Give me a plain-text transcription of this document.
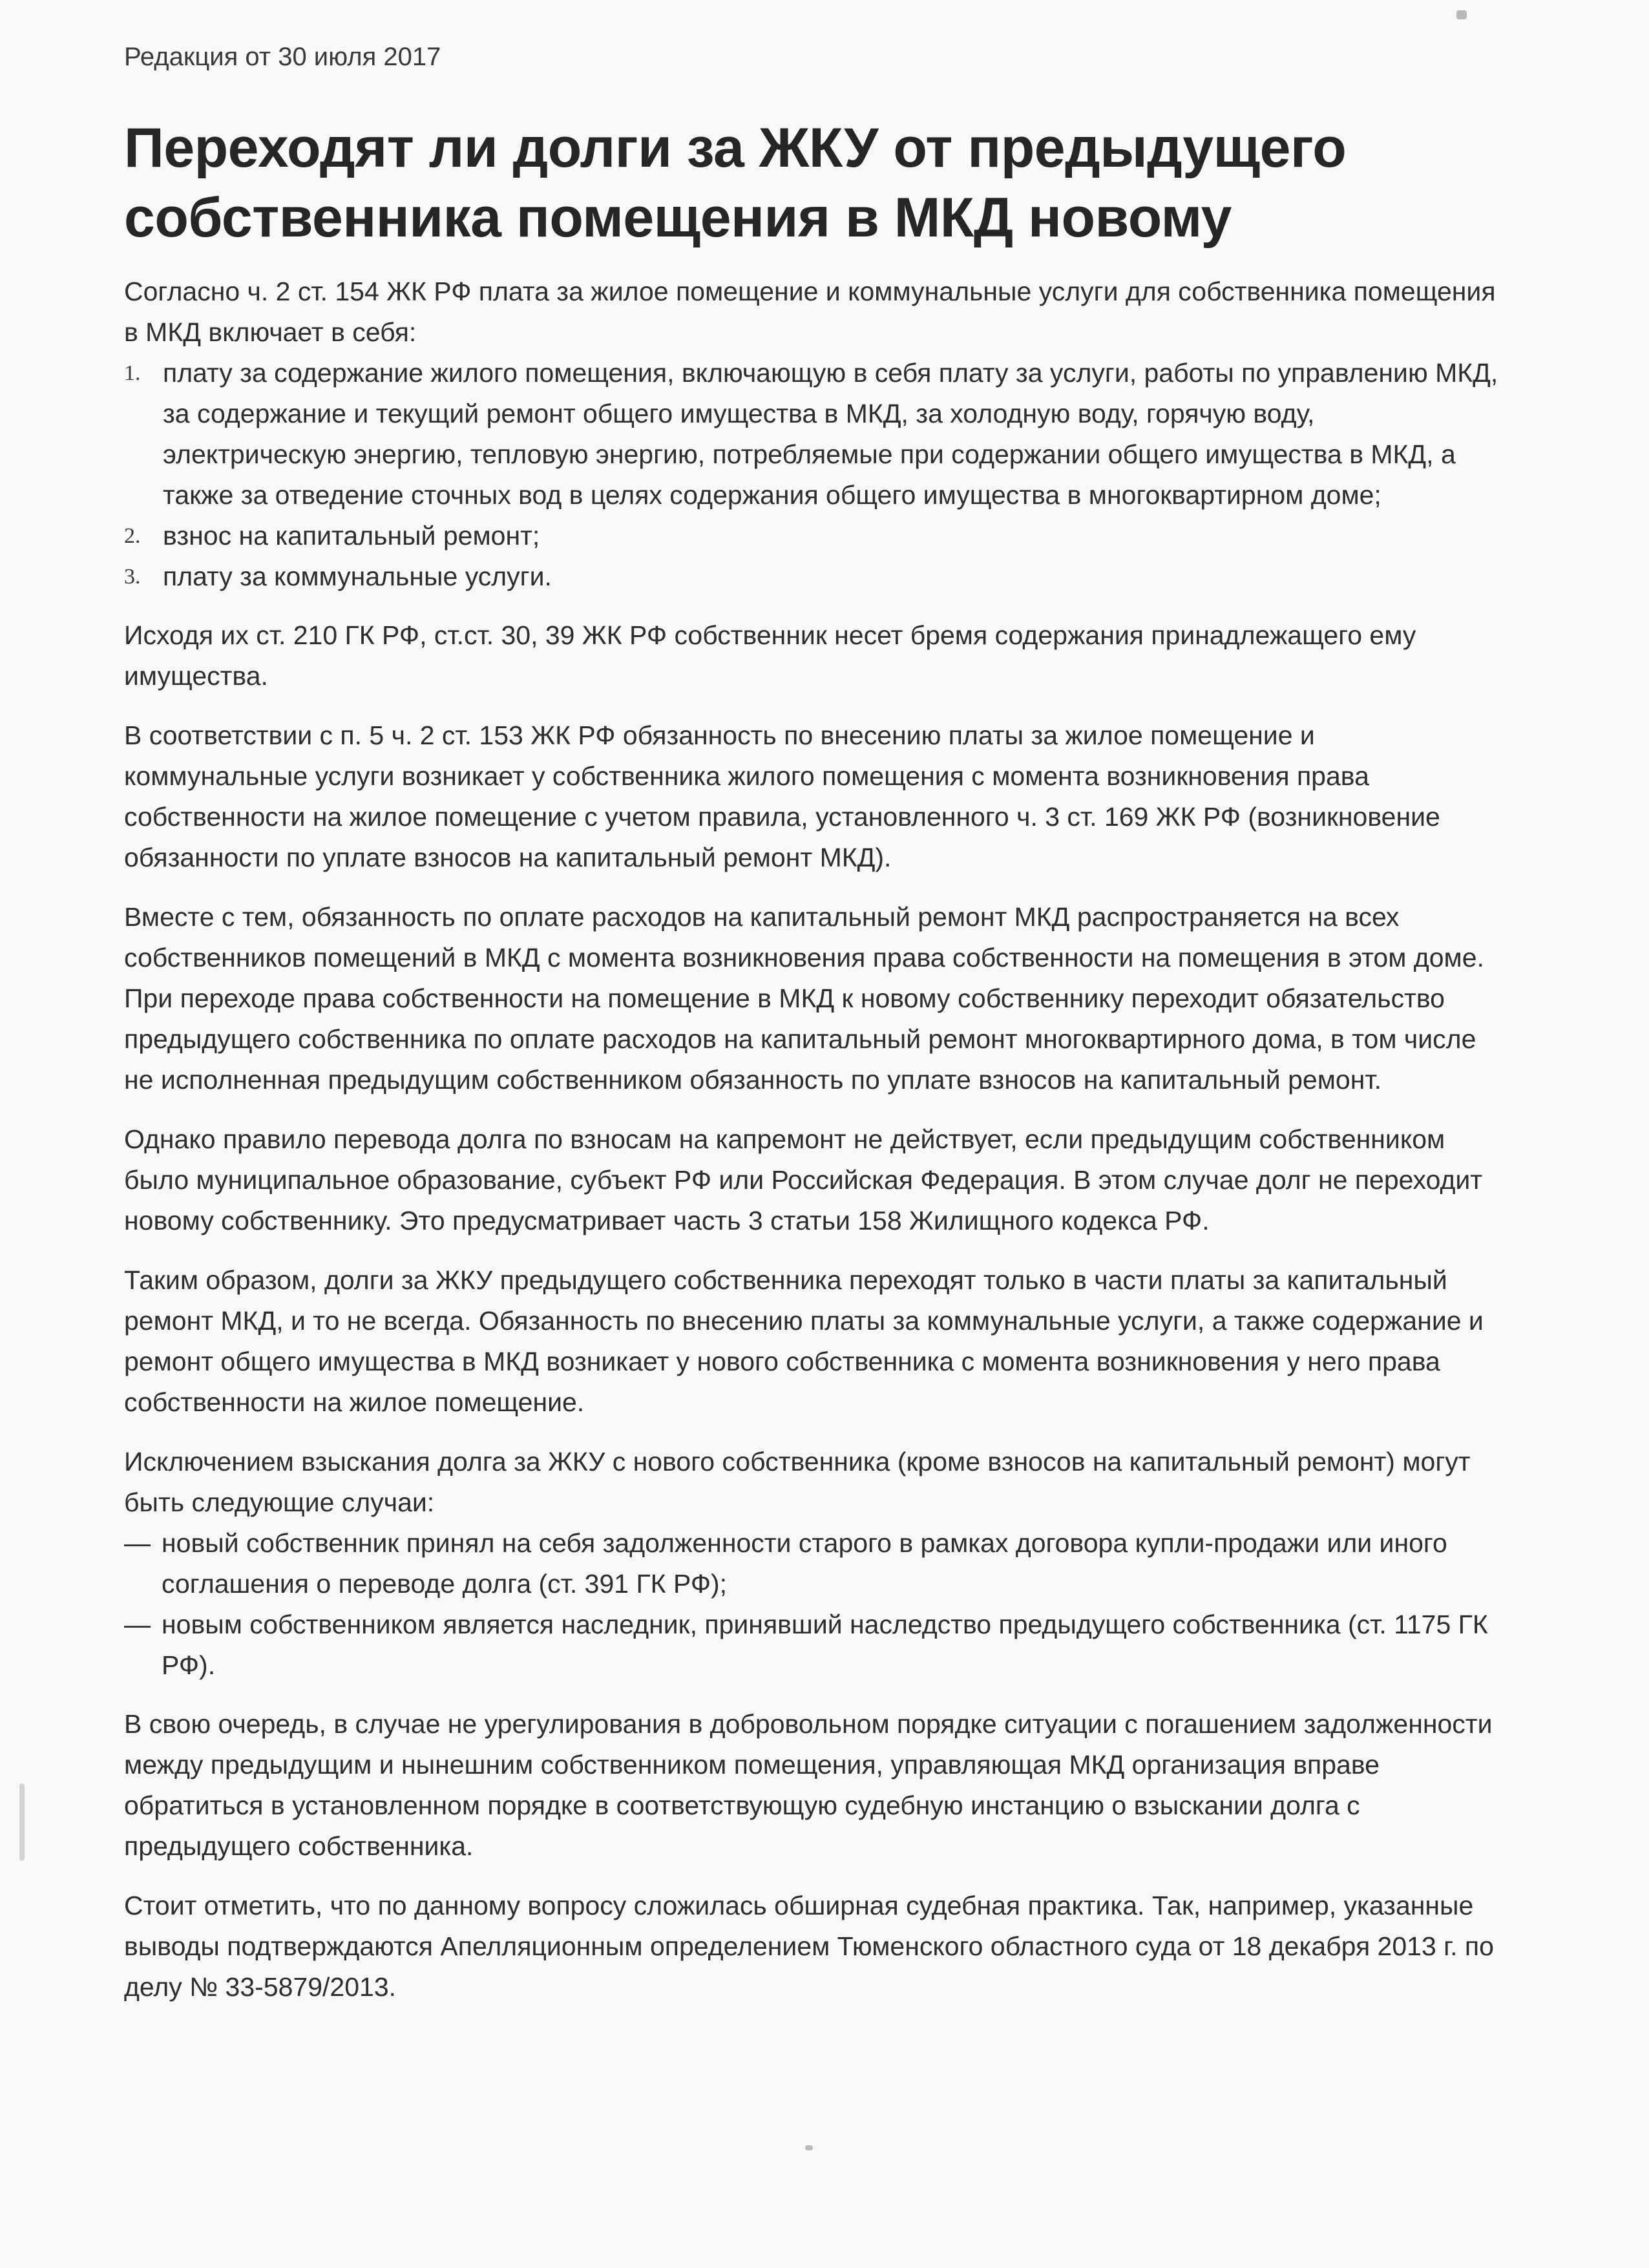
Редакция от 30 июля 2017
Переходят ли долги за ЖКУ от предыдущего собственника помещения в МКД новому

Согласно ч. 2 ст. 154 ЖК РФ плата за жилое помещение и коммунальные услуги для собственника помещения в МКД включает в себя:

1. плату за содержание жилого помещения, включающую в себя плату за услуги, работы по управлению МКД, за содержание и текущий ремонт общего имущества в МКД, за холодную воду, горячую воду, электрическую энергию, тепловую энергию, потребляемые при содержании общего имущества в МКД, а также за отведение сточных вод в целях содержания общего имущества в многоквартирном доме;
2. взнос на капитальный ремонт;
3. плату за коммунальные услуги.

Исходя их ст. 210 ГК РФ, ст.ст. 30, 39 ЖК РФ собственник несет бремя содержания принадлежащего ему имущества.

В соответствии с п. 5 ч. 2 ст. 153 ЖК РФ обязанность по внесению платы за жилое помещение и коммунальные услуги возникает у собственника жилого помещения с момента возникновения права собственности на жилое помещение с учетом правила, установленного ч. 3 ст. 169 ЖК РФ (возникновение обязанности по уплате взносов на капитальный ремонт МКД).

Вместе с тем, обязанность по оплате расходов на капитальный ремонт МКД распространяется на всех собственников помещений в МКД с момента возникновения права собственности на помещения в этом доме. При переходе права собственности на помещение в МКД к новому собственнику переходит обязательство предыдущего собственника по оплате расходов на капитальный ремонт многоквартирного дома, в том числе не исполненная предыдущим собственником обязанность по уплате взносов на капитальный ремонт.

Однако правило перевода долга по взносам на капремонт не действует, если предыдущим собственником было муниципальное образование, субъект РФ или Российская Федерация. В этом случае долг не переходит новому собственнику. Это предусматривает часть 3 статьи 158 Жилищного кодекса РФ.

Таким образом, долги за ЖКУ предыдущего собственника переходят только в части платы за капитальный ремонт МКД, и то не всегда. Обязанность по внесению платы за коммунальные услуги, а также содержание и ремонт общего имущества в МКД возникает у нового собственника с момента возникновения у него права собственности на жилое помещение.

Исключением взыскания долга за ЖКУ с нового собственника (кроме взносов на капитальный ремонт) могут быть следующие случаи:

— новый собственник принял на себя задолженности старого в рамках договора купли-продажи или иного соглашения о переводе долга (ст. 391 ГК РФ);
— новым собственником является наследник, принявший наследство предыдущего собственника (ст. 1175 ГК РФ).

В свою очередь, в случае не урегулирования в добровольном порядке ситуации с погашением задолженности между предыдущим и нынешним собственником помещения, управляющая МКД организация вправе обратиться в установленном порядке в соответствующую судебную инстанцию о взыскании долга с предыдущего собственника.

Стоит отметить, что по данному вопросу сложилась обширная судебная практика. Так, например, указанные выводы подтверждаются Апелляционным определением Тюменского областного суда от 18 декабря 2013 г. по делу № 33-5879/2013.
